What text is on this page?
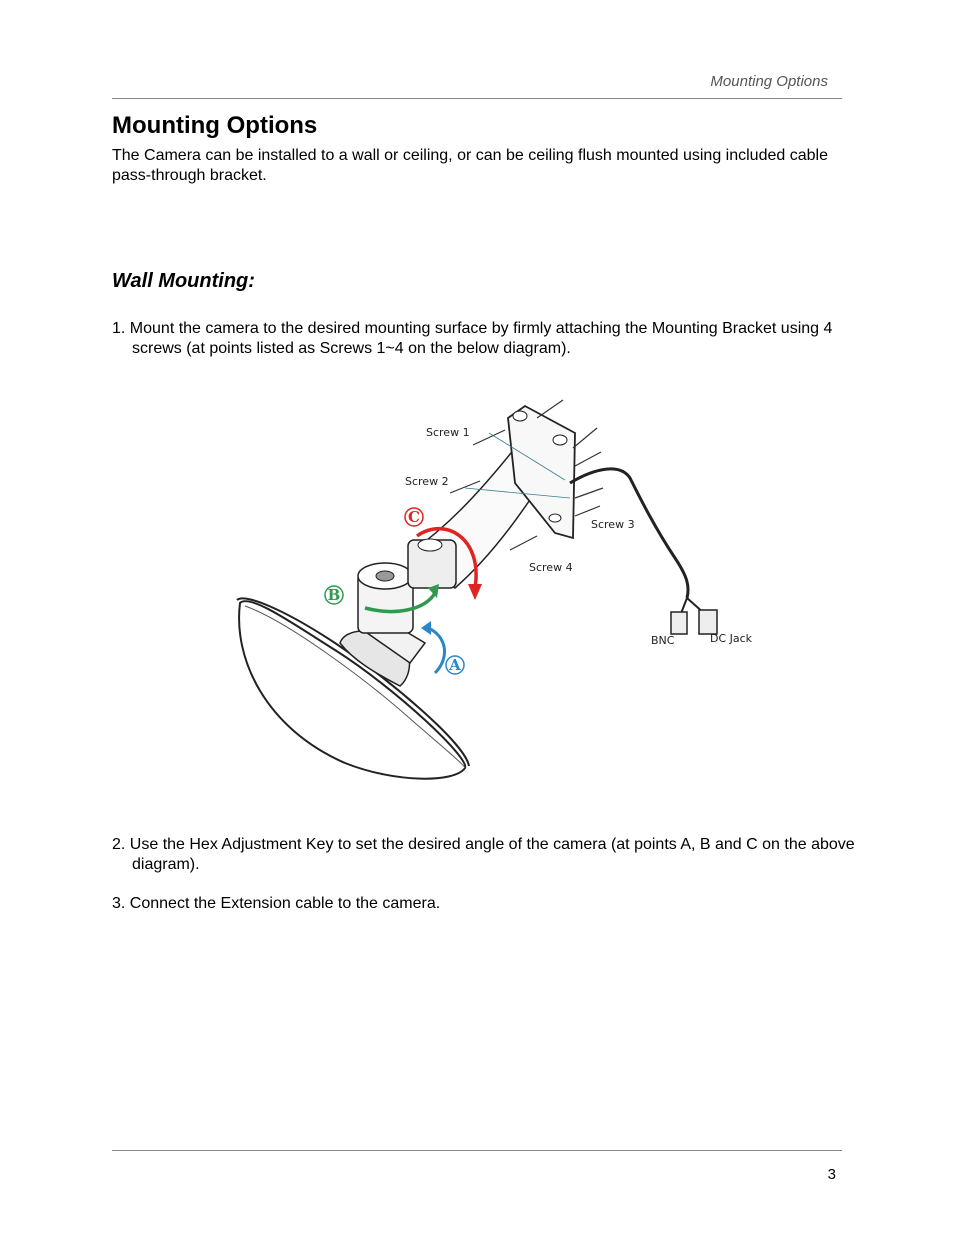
Mounting Options
Mounting Options

The Camera can be installed to a wall or ceiling, or can be ceiling flush mounted using included cable pass-through bracket.

Wall Mounting:

1. Mount the camera to the desired mounting surface by firmly attaching the Mounting Bracket using 4 screws (at points listed as Screws 1~4 on the below diagram).

C
B
A
Screw 1
Screw 2
Screw 3
Screw 4
BNC	DC Jack

2. Use the Hex Adjustment Key to set the desired angle of the camera (at points A, B and C on the above diagram).

3. Connect the Extension cable to the camera.

3
